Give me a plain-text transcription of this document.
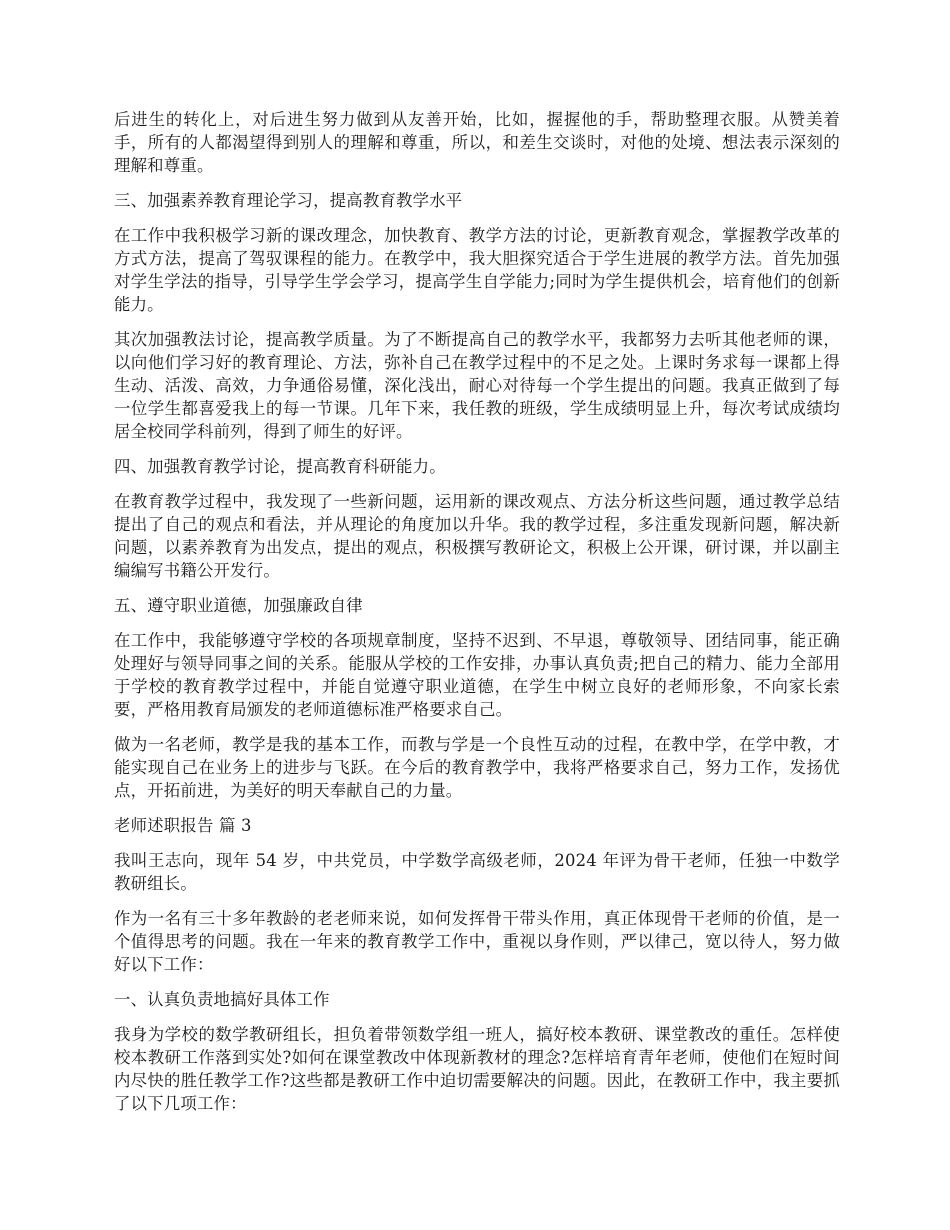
后进生的转化上，对后进生努力做到从友善开始，比如，握握他的手，帮助整理衣服。从赞美着手，所有的人都渴望得到别人的理解和尊重，所以，和差生交谈时，对他的处境、想法表示深刻的理解和尊重。

三、加强素养教育理论学习，提高教育教学水平

在工作中我积极学习新的课改理念，加快教育、教学方法的讨论，更新教育观念，掌握教学改革的方式方法，提高了驾驭课程的能力。在教学中，我大胆探究适合于学生进展的教学方法。首先加强对学生学法的指导，引导学生学会学习，提高学生自学能力;同时为学生提供机会，培育他们的创新能力。

其次加强教法讨论，提高教学质量。为了不断提高自己的教学水平，我都努力去听其他老师的课，以向他们学习好的教育理论、方法，弥补自己在教学过程中的不足之处。上课时务求每一课都上得生动、活泼、高效，力争通俗易懂，深化浅出，耐心对待每一个学生提出的问题。我真正做到了每一位学生都喜爱我上的每一节课。几年下来，我任教的班级，学生成绩明显上升，每次考试成绩均居全校同学科前列，得到了师生的好评。

四、加强教育教学讨论，提高教育科研能力。

在教育教学过程中，我发现了一些新问题，运用新的课改观点、方法分析这些问题，通过教学总结提出了自己的观点和看法，并从理论的角度加以升华。我的教学过程，多注重发现新问题，解决新问题，以素养教育为出发点，提出的观点，积极撰写教研论文，积极上公开课，研讨课，并以副主编编写书籍公开发行。

五、遵守职业道德，加强廉政自律

在工作中，我能够遵守学校的各项规章制度，坚持不迟到、不早退，尊敬领导、团结同事，能正确处理好与领导同事之间的关系。能服从学校的工作安排，办事认真负责;把自己的精力、能力全部用于学校的教育教学过程中，并能自觉遵守职业道德，在学生中树立良好的老师形象，不向家长索要，严格用教育局颁发的老师道德标准严格要求自己。

做为一名老师，教学是我的基本工作，而教与学是一个良性互动的过程，在教中学，在学中教，才能实现自己在业务上的进步与飞跃。在今后的教育教学中，我将严格要求自己，努力工作，发扬优点，开拓前进，为美好的明天奉献自己的力量。

老师述职报告 篇 3

我叫王志向，现年 54 岁，中共党员，中学数学高级老师，2024 年评为骨干老师，任独一中数学教研组长。

作为一名有三十多年教龄的老老师来说，如何发挥骨干带头作用，真正体现骨干老师的价值，是一个值得思考的问题。我在一年来的教育教学工作中，重视以身作则，严以律己，宽以待人，努力做好以下工作：

一、认真负责地搞好具体工作

我身为学校的数学教研组长，担负着带领数学组一班人，搞好校本教研、课堂教改的重任。怎样使校本教研工作落到实处?如何在课堂教改中体现新教材的理念?怎样培育青年老师，使他们在短时间内尽快的胜任教学工作?这些都是教研工作中迫切需要解决的问题。因此，在教研工作中，我主要抓了以下几项工作：
